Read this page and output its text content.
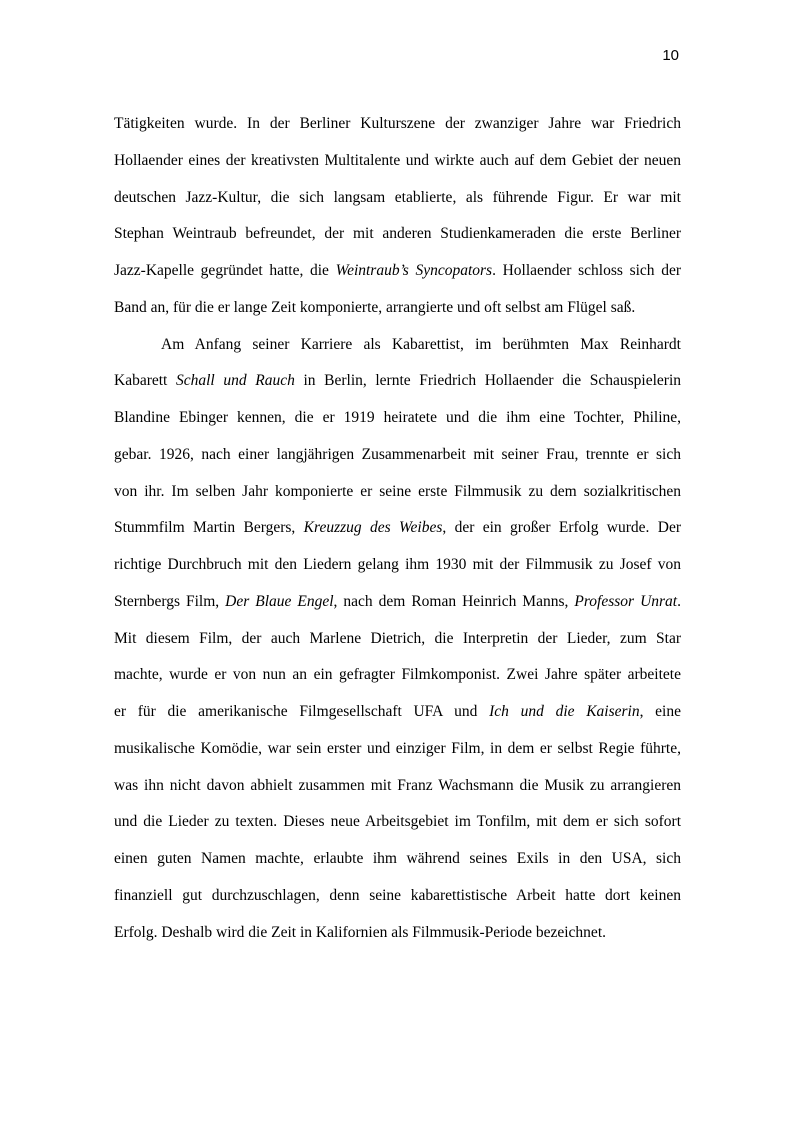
10
Tätigkeiten wurde. In der Berliner Kulturszene der zwanziger Jahre war Friedrich
Hollaender eines der kreativsten Multitalente und wirkte auch auf dem Gebiet der neuen
deutschen Jazz-Kultur, die sich langsam etablierte, als führende Figur. Er war mit
Stephan Weintraub befreundet, der mit anderen Studienkameraden die erste Berliner
Jazz-Kapelle gegründet hatte, die Weintraub’s Syncopators. Hollaender schloss sich der
Band an, für die er lange Zeit komponierte, arrangierte und oft selbst am Flügel saß.
Am Anfang seiner Karriere als Kabarettist, im berühmten Max Reinhardt
Kabarett Schall und Rauch in Berlin, lernte Friedrich Hollaender die Schauspielerin
Blandine Ebinger kennen, die er 1919 heiratete und die ihm eine Tochter, Philine,
gebar. 1926, nach einer langjährigen Zusammenarbeit mit seiner Frau, trennte er sich
von ihr. Im selben Jahr komponierte er seine erste Filmmusik zu dem sozialkritischen
Stummfilm Martin Bergers, Kreuzzug des Weibes, der ein großer Erfolg wurde. Der
richtige Durchbruch mit den Liedern gelang ihm 1930 mit der Filmmusik zu Josef von
Sternbergs Film, Der Blaue Engel, nach dem Roman Heinrich Manns, Professor Unrat.
Mit diesem Film, der auch Marlene Dietrich, die Interpretin der Lieder, zum Star
machte, wurde er von nun an ein gefragter Filmkomponist. Zwei Jahre später arbeitete
er für die amerikanische Filmgesellschaft UFA und Ich und die Kaiserin, eine
musikalische Komödie, war sein erster und einziger Film, in dem er selbst Regie führte,
was ihn nicht davon abhielt zusammen mit Franz Wachsmann die Musik zu arrangieren
und die Lieder zu texten. Dieses neue Arbeitsgebiet im Tonfilm, mit dem er sich sofort
einen guten Namen machte, erlaubte ihm während seines Exils in den USA, sich
finanziell gut durchzuschlagen, denn seine kabarettistische Arbeit hatte dort keinen
Erfolg. Deshalb wird die Zeit in Kalifornien als Filmmusik-Periode bezeichnet.
